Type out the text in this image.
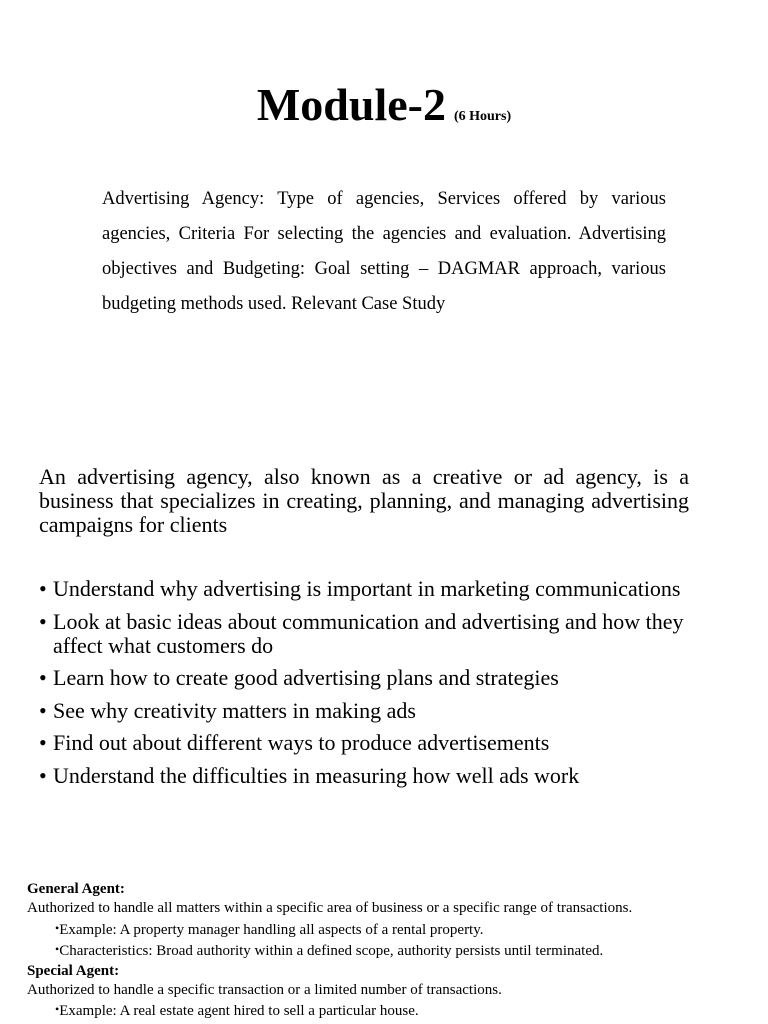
Module-2 (6 Hours)
Advertising Agency: Type of agencies, Services offered by various agencies, Criteria For selecting the agencies and evaluation. Advertising objectives and Budgeting: Goal setting – DAGMAR approach, various budgeting methods used. Relevant Case Study
An advertising agency, also known as a creative or ad agency, is a business that specializes in creating, planning, and managing advertising campaigns for clients
• Understand why advertising is important in marketing communications
• Look at basic ideas about communication and advertising and how they affect what customers do
• Learn how to create good advertising plans and strategies
• See why creativity matters in making ads
• Find out about different ways to produce advertisements
• Understand the difficulties in measuring how well ads work
General Agent:
Authorized to handle all matters within a specific area of business or a specific range of transactions.
•Example: A property manager handling all aspects of a rental property.
•Characteristics: Broad authority within a defined scope, authority persists until terminated.
Special Agent:
Authorized to handle a specific transaction or a limited number of transactions.
•Example: A real estate agent hired to sell a particular house.
